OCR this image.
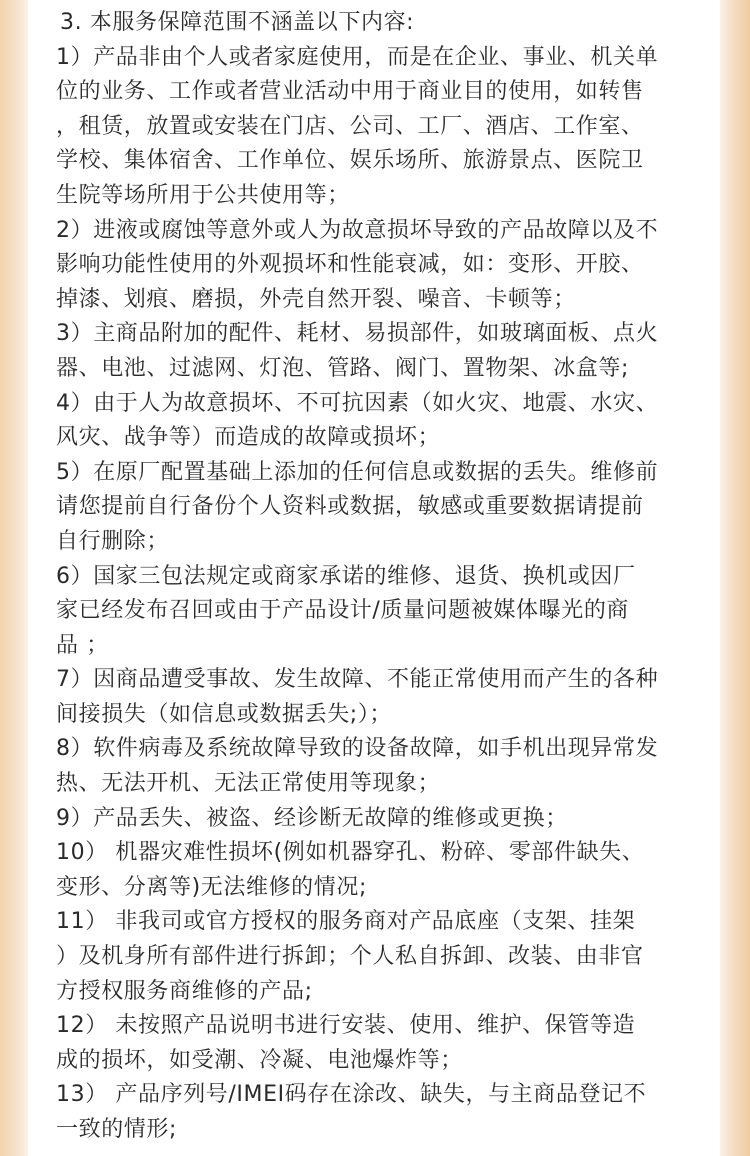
3. 本服务保障范围不涵盖以下内容:
1）产品非由个人或者家庭使用，而是在企业、事业、机关单
位的业务、工作或者营业活动中用于商业目的使用，如转售
，租赁，放置或安装在门店、公司、工厂、酒店、工作室、
学校、集体宿舍、工作单位、娱乐场所、旅游景点、医院卫
生院等场所用于公共使用等；
2）进液或腐蚀等意外或人为故意损坏导致的产品故障以及不
影响功能性使用的外观损坏和性能衰减，如：变形、开胶、
掉漆、划痕、磨损，外壳自然开裂、噪音、卡顿等；
3）主商品附加的配件、耗材、易损部件，如玻璃面板、点火
器、电池、过滤网、灯泡、管路、阀门、置物架、冰盒等;
4）由于人为故意损坏、不可抗因素（如火灾、地震、水灾、
风灾、战争等）而造成的故障或损坏；
5）在原厂配置基础上添加的任何信息或数据的丢失。维修前
请您提前自行备份个人资料或数据，敏感或重要数据请提前
自行删除；
6）国家三包法规定或商家承诺的维修、退货、换机或因厂
家已经发布召回或由于产品设计/质量问题被媒体曝光的商
品 ；
7）因商品遭受事故、发生故障、不能正常使用而产生的各种
间接损失（如信息或数据丢失;）；
8）软件病毒及系统故障导致的设备故障，如手机出现异常发
热、无法开机、无法正常使用等现象；
9）产品丢失、被盗、经诊断无故障的维修或更换；
10） 机器灾难性损坏(例如机器穿孔、粉碎、零部件缺失、
变形、分离等)无法维修的情况;
11） 非我司或官方授权的服务商对产品底座（支架、挂架
）及机身所有部件进行拆卸；个人私自拆卸、改装、由非官
方授权服务商维修的产品;
12） 未按照产品说明书进行安装、使用、维护、保管等造
成的损坏，如受潮、冷凝、电池爆炸等；
13） 产品序列号/IMEI码存在涂改、缺失，与主商品登记不
一致的情形;
